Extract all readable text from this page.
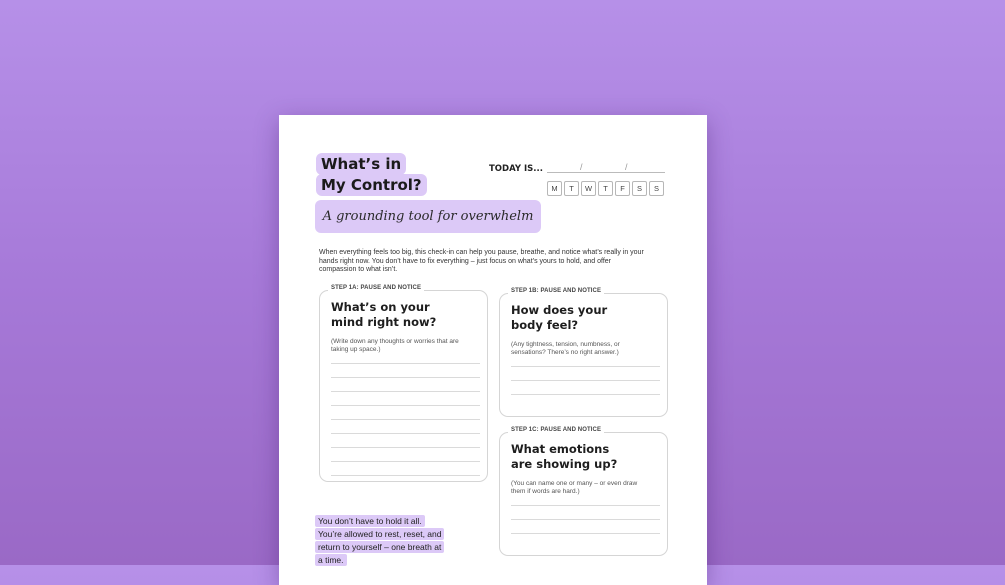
What’s in
My Control?
A grounding tool for overwhelm
TODAY IS...	/	/
M	T	W	T	F	S	S

When everything feels too big, this check-in can help you pause, breathe, and notice what’s really in your hands right now. You don’t have to fix everything – just focus on what’s yours to hold, and offer compassion to what isn’t.

STEP 1A: PAUSE AND NOTICE
What’s on your
mind right now?

(Write down any thoughts or worries that are taking up space.)

STEP 1B: PAUSE AND NOTICE
How does your
body feel?

(Any tightness, tension, numbness, or sensations? There’s no right answer.)

STEP 1C: PAUSE AND NOTICE
What emotions
are showing up?

(You can name one or many – or even draw them if words are hard.)

You don’t have to hold it all. You’re allowed to rest, reset, and return to yourself – one breath at a time.
